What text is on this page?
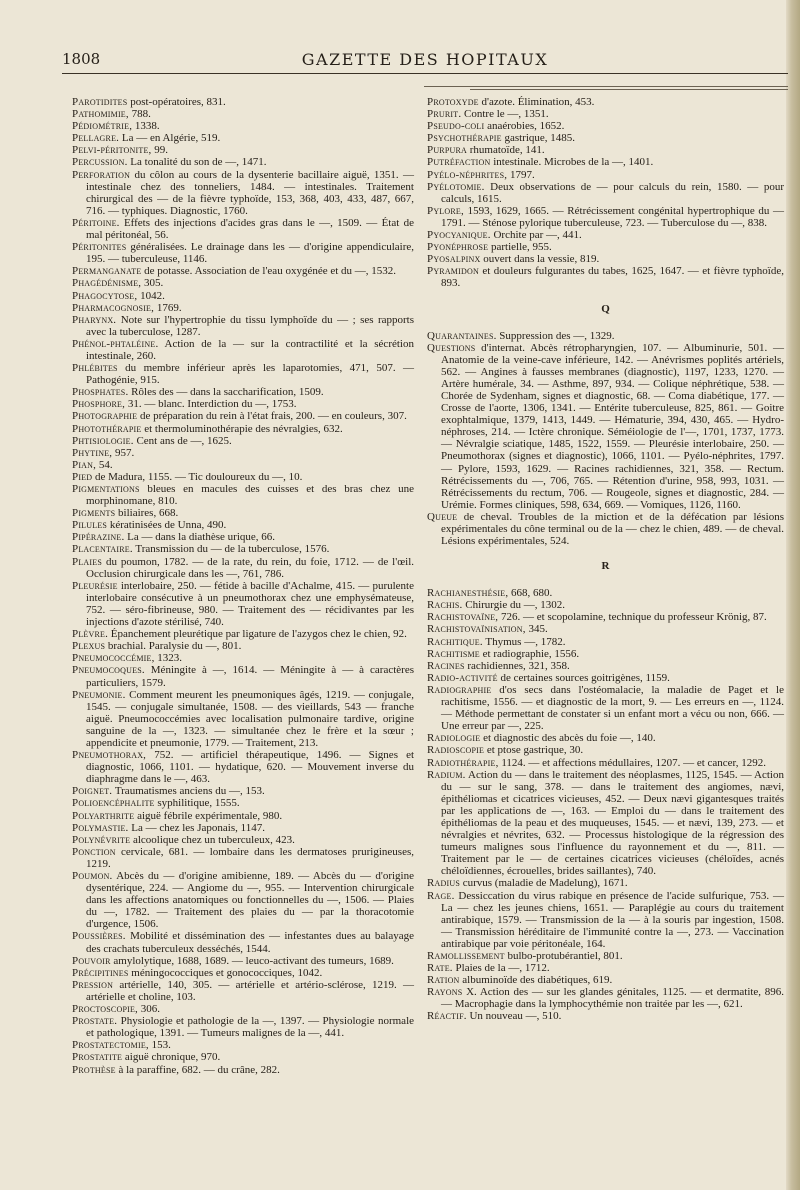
1808	GAZETTE DES HOPITAUX
Parotidites post-opératoires, 831.
Pathomimie, 788.
Pédiométrie, 1338.
Pellagre. La — en Algérie, 519.
Pelvi-péritonite, 99.
Percussion. La tonalité du son de —, 1471.
Perforation du côlon au cours de la dysenterie bacillaire aiguë, 1351. — intestinale chez des tonneliers, 1484. — intestinales. Traitement chirurgical des — de la fièvre typhoïde, 153, 368, 403, 433, 487, 667, 716. — typhiques. Diagnostic, 1760.
Péritoine. Effets des injections d'acides gras dans le —, 1509. — État de mal péritonéal, 56.
Péritonites généralisées. Le drainage dans les — d'origine appendiculaire, 195. — tuberculeuse, 1146.
Permanganate de potasse. Association de l'eau oxygénée et du —, 1532.
Phagédénisme, 305.
Phagocytose, 1042.
Pharmacognosie, 1769.
Pharynx. Note sur l'hypertrophie du tissu lymphoïde du — ; ses rapports avec la tuberculose, 1287.
Phénol-phtaléine. Action de la — sur la contractilité et la sécrétion intestinale, 260.
Phlébites du membre inférieur après les laparotomies, 471, 507. — Pathogénie, 915.
Phosphates. Rôles des — dans la saccharification, 1509.
Phosphore, 31. — blanc. Interdiction du —, 1753.
Photographie de préparation du rein à l'état frais, 200. — en couleurs, 307.
Photothérapie et thermoluminothérapie des névralgies, 632.
Phtisiologie. Cent ans de —, 1625.
Phytine, 957.
Pian, 54.
Pied de Madura, 1155. — Tic douloureux du —, 10.
Pigmentations bleues en macules des cuisses et des bras chez une morphinomane, 810.
Pigments biliaires, 668.
Pilules kératinisées de Unna, 490.
Pipérazine. La — dans la diathèse urique, 66.
Placentaire. Transmission du — de la tuberculose, 1576.
Plaies du poumon, 1782. — de la rate, du rein, du foie, 1712. — de l'œil. Occlusion chirurgicale dans les —, 761, 786.
Pleurésie interlobaire, 250. — fétide à bacille d'Achalme, 415. — purulente interlobaire consécutive à un pneumothorax chez une emphysémateuse, 752. — séro-fibrineuse, 980. — Traitement des — récidivantes par les injections d'azote stérilisé, 740.
Plèvre. Épanchement pleurétique par ligature de l'azygos chez le chien, 92.
Plexus brachial. Paralysie du —, 801.
Pneumococcémie, 1323.
Pneumocoques. Méningite à —, 1614. — Méningite à — à caractères particuliers, 1579.
Pneumonie. Comment meurent les pneumoniques âgés, 1219. — conjugale, 1545. — conjugale simultanée, 1508. — des vieillards, 543 — franche aiguë. Pneumococcémies avec localisation pulmonaire tardive, origine sanguine de la —, 1323. — simultanée chez le frère et la sœur ; appendicite et pneumonie, 1779. — Traitement, 213.
Pneumothorax, 752. — artificiel thérapeutique, 1496. — Signes et diagnostic, 1066, 1101. — hydatique, 620. — Mouvement inverse du diaphragme dans le —, 463.
Poignet. Traumatismes anciens du —, 153.
Polioencéphalite syphilitique, 1555.
Polyarthrite aiguë fébrile expérimentale, 980.
Polymastie. La — chez les Japonais, 1147.
Polynévrite alcoolique chez un tuberculeux, 423.
Ponction cervicale, 681. — lombaire dans les dermatoses prurigineuses, 1219.
Poumon. Abcès du — d'origine amibienne, 189. — Abcès du — d'origine dysentérique, 224. — Angiome du —, 955. — Intervention chirurgicale dans les affections anatomiques ou fonctionnelles du —, 1506. — Plaies du —, 1782. — Traitement des plaies du — par la thoracotomie d'urgence, 1506.
Poussières. Mobilité et dissémination des — infestantes dues au balayage des crachats tuberculeux desséchés, 1544.
Pouvoir amylolytique, 1688, 1689. — leuco-activant des tumeurs, 1689.
Précipitines méningococciques et gonococciques, 1042.
Pression artérielle, 140, 305. — artérielle et artério-sclérose, 1219. — artérielle et choline, 103.
Proctoscopie, 306.
Prostate. Physiologie et pathologie de la —, 1397. — Physiologie normale et pathologique, 1391. — Tumeurs malignes de la —, 441.
Prostatectomie, 153.
Prostatite aiguë chronique, 970.
Prothèse à la paraffine, 682. — du crâne, 282.
Protoxyde d'azote. Élimination, 453.
Prurit. Contre le —, 1351.
Pseudo-coli anaérobies, 1652.
Psychothérapie gastrique, 1485.
Purpura rhumatoïde, 141.
Putréfaction intestinale. Microbes de la —, 1401.
Pyélo-néphrites, 1797.
Pyélotomie. Deux observations de — pour calculs du rein, 1580. — pour calculs, 1615.
Pylore, 1593, 1629, 1665. — Rétrécissement congénital hypertrophique du — 1791. — Sténose pylorique tuberculeuse, 723. — Tuberculose du —, 838.
Pyocyanique. Orchite par —, 441.
Pyonéphrose partielle, 955.
Pyosalpinx ouvert dans la vessie, 819.
Pyramidon et douleurs fulgurantes du tabes, 1625, 1647. — et fièvre typhoïde, 893.
Q
Quarantaines. Suppression des —, 1329.
Questions d'internat. Abcès rétropharyngien, 107. — Albuminurie, 501. — Anatomie de la veine-cave inférieure, 142. — Anévrismes poplités artériels, 562. — Angines à fausses membranes (diagnostic), 1197, 1233, 1270. — Artère humérale, 34. — Asthme, 897, 934. — Colique néphrétique, 538. — Chorée de Sydenham, signes et diagnostic, 68. — Coma diabétique, 177. — Crosse de l'aorte, 1306, 1341. — Entérite tuberculeuse, 825, 861. — Goitre exophtalmique, 1379, 1413, 1449. — Hématurie, 394, 430, 465. — Hydro-néphroses, 214. — Ictère chronique. Séméiologie de l'—, 1701, 1737, 1773. — Névralgie sciatique, 1485, 1522, 1559. — Pleurésie interlobaire, 250. — Pneumothorax (signes et diagnostic), 1066, 1101. — Pyélo-néphrites, 1797. — Pylore, 1593, 1629. — Racines rachidiennes, 321, 358. — Rectum. Rétrécissements du —, 706, 765. — Rétention d'urine, 958, 993, 1031. — Rétrécissements du rectum, 706. — Rougeole, signes et diagnostic, 284. — Urémie. Formes cliniques, 598, 634, 669. — Vomiques, 1126, 1160.
Queue de cheval. Troubles de la miction et de la défécation par lésions expérimentales du cône terminal ou de la — chez le chien, 489. — de cheval. Lésions expérimentales, 524.
R
Rachianesthésie, 668, 680.
Rachis. Chirurgie du —, 1302.
Rachistovaïne, 726. — et scopolamine, technique du professeur Krönig, 87.
Rachistovaïnisation, 345.
Rachitique. Thymus —, 1782.
Rachitisme et radiographie, 1556.
Racines rachidiennes, 321, 358.
Radio-activité de certaines sources goitrigènes, 1159.
Radiographie d'os secs dans l'ostéomalacie, la maladie de Paget et le rachitisme, 1556. — et diagnostic de la mort, 9. — Les erreurs en —, 1124. — Méthode permettant de constater si un enfant mort a vécu ou non, 666. — Une erreur par —, 225.
Radiologie et diagnostic des abcès du foie —, 140.
Radioscopie et ptose gastrique, 30.
Radiothérapie, 1124. — et affections médullaires, 1207. — et cancer, 1292.
Radium. Action du — dans le traitement des néoplasmes, 1125, 1545. — Action du — sur le sang, 378. — dans le traitement des angiomes, nævi, épithéliomas et cicatrices vicieuses, 452. — Deux nævi gigantesques traités par les applications de —, 163. — Emploi du — dans le traitement des épithéliomas de la peau et des muqueuses, 1545. — et nævi, 139, 273. — et névralgies et névrites, 632. — Processus histologique de la régression des tumeurs malignes sous l'influence du rayonnement et du —, 811. — Traitement par le — de certaines cicatrices vicieuses (chéloïdes, acnés chéloïdiennes, écrouelles, brides saillantes), 740.
Radius curvus (maladie de Madelung), 1671.
Rage. Dessiccation du virus rabique en présence de l'acide sulfurique, 753. — La — chez les jeunes chiens, 1651. — Paraplégie au cours du traitement antirabique, 1579. — Transmission de la — à la souris par ingestion, 1508. — Transmission héréditaire de l'immunité contre la —, 273. — Vaccination antirabique par voie péritonéale, 164.
Ramollissement bulbo-protubérantiel, 801.
Rate. Plaies de la —, 1712.
Ration albuminoïde des diabétiques, 619.
Rayons X. Action des — sur les glandes génitales, 1125. — et dermatite, 896. — Macrophagie dans la lymphocythémie non traitée par les —, 621.
Réactif. Un nouveau —, 510.
